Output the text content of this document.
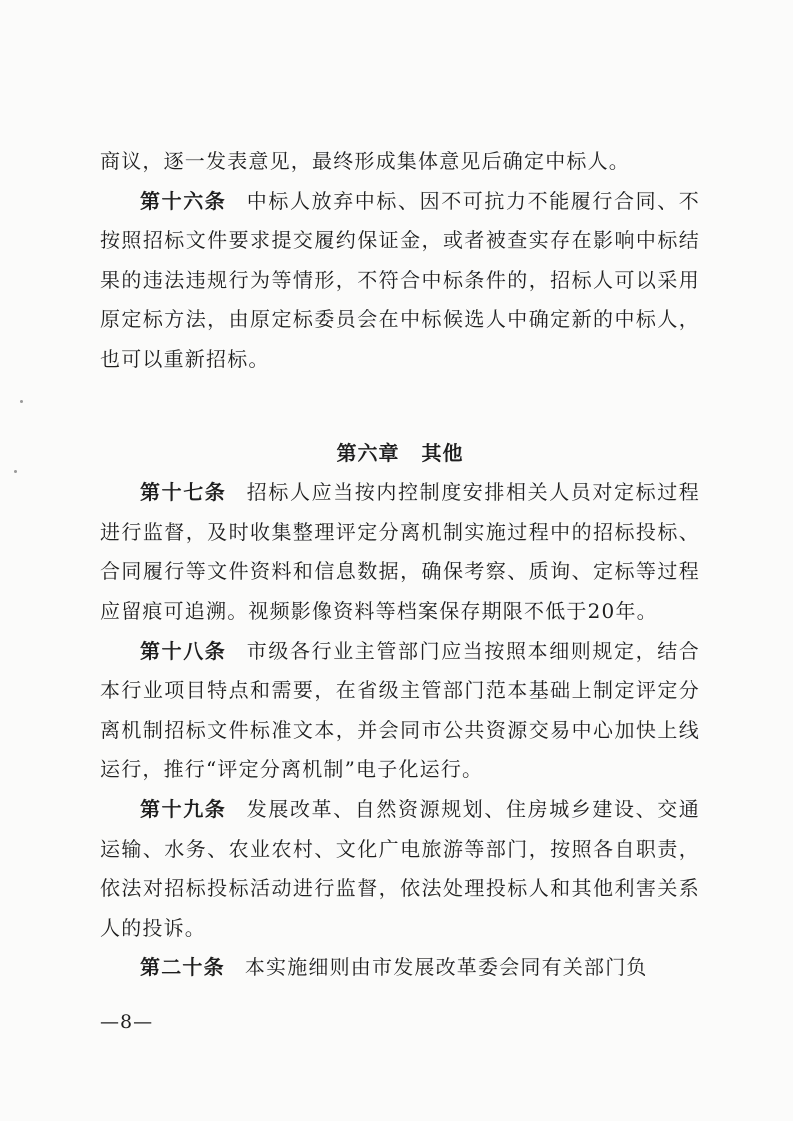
商议，逐一发表意见，最终形成集体意见后确定中标人。

第十六条 中标人放弃中标、因不可抗力不能履行合同、不按照招标文件要求提交履约保证金，或者被查实存在影响中标结果的违法违规行为等情形，不符合中标条件的，招标人可以采用原定标方法，由原定标委员会在中标候选人中确定新的中标人，也可以重新招标。

第六章 其他

第十七条 招标人应当按内控制度安排相关人员对定标过程进行监督，及时收集整理评定分离机制实施过程中的招标投标、合同履行等文件资料和信息数据，确保考察、质询、定标等过程应留痕可追溯。视频影像资料等档案保存期限不低于20年。

第十八条 市级各行业主管部门应当按照本细则规定，结合本行业项目特点和需要，在省级主管部门范本基础上制定评定分离机制招标文件标准文本，并会同市公共资源交易中心加快上线运行，推行“评定分离机制”电子化运行。

第十九条 发展改革、自然资源规划、住房城乡建设、交通运输、水务、农业农村、文化广电旅游等部门，按照各自职责，依法对招标投标活动进行监督，依法处理投标人和其他利害关系人的投诉。

第二十条 本实施细则由市发展改革委会同有关部门负

—8—
